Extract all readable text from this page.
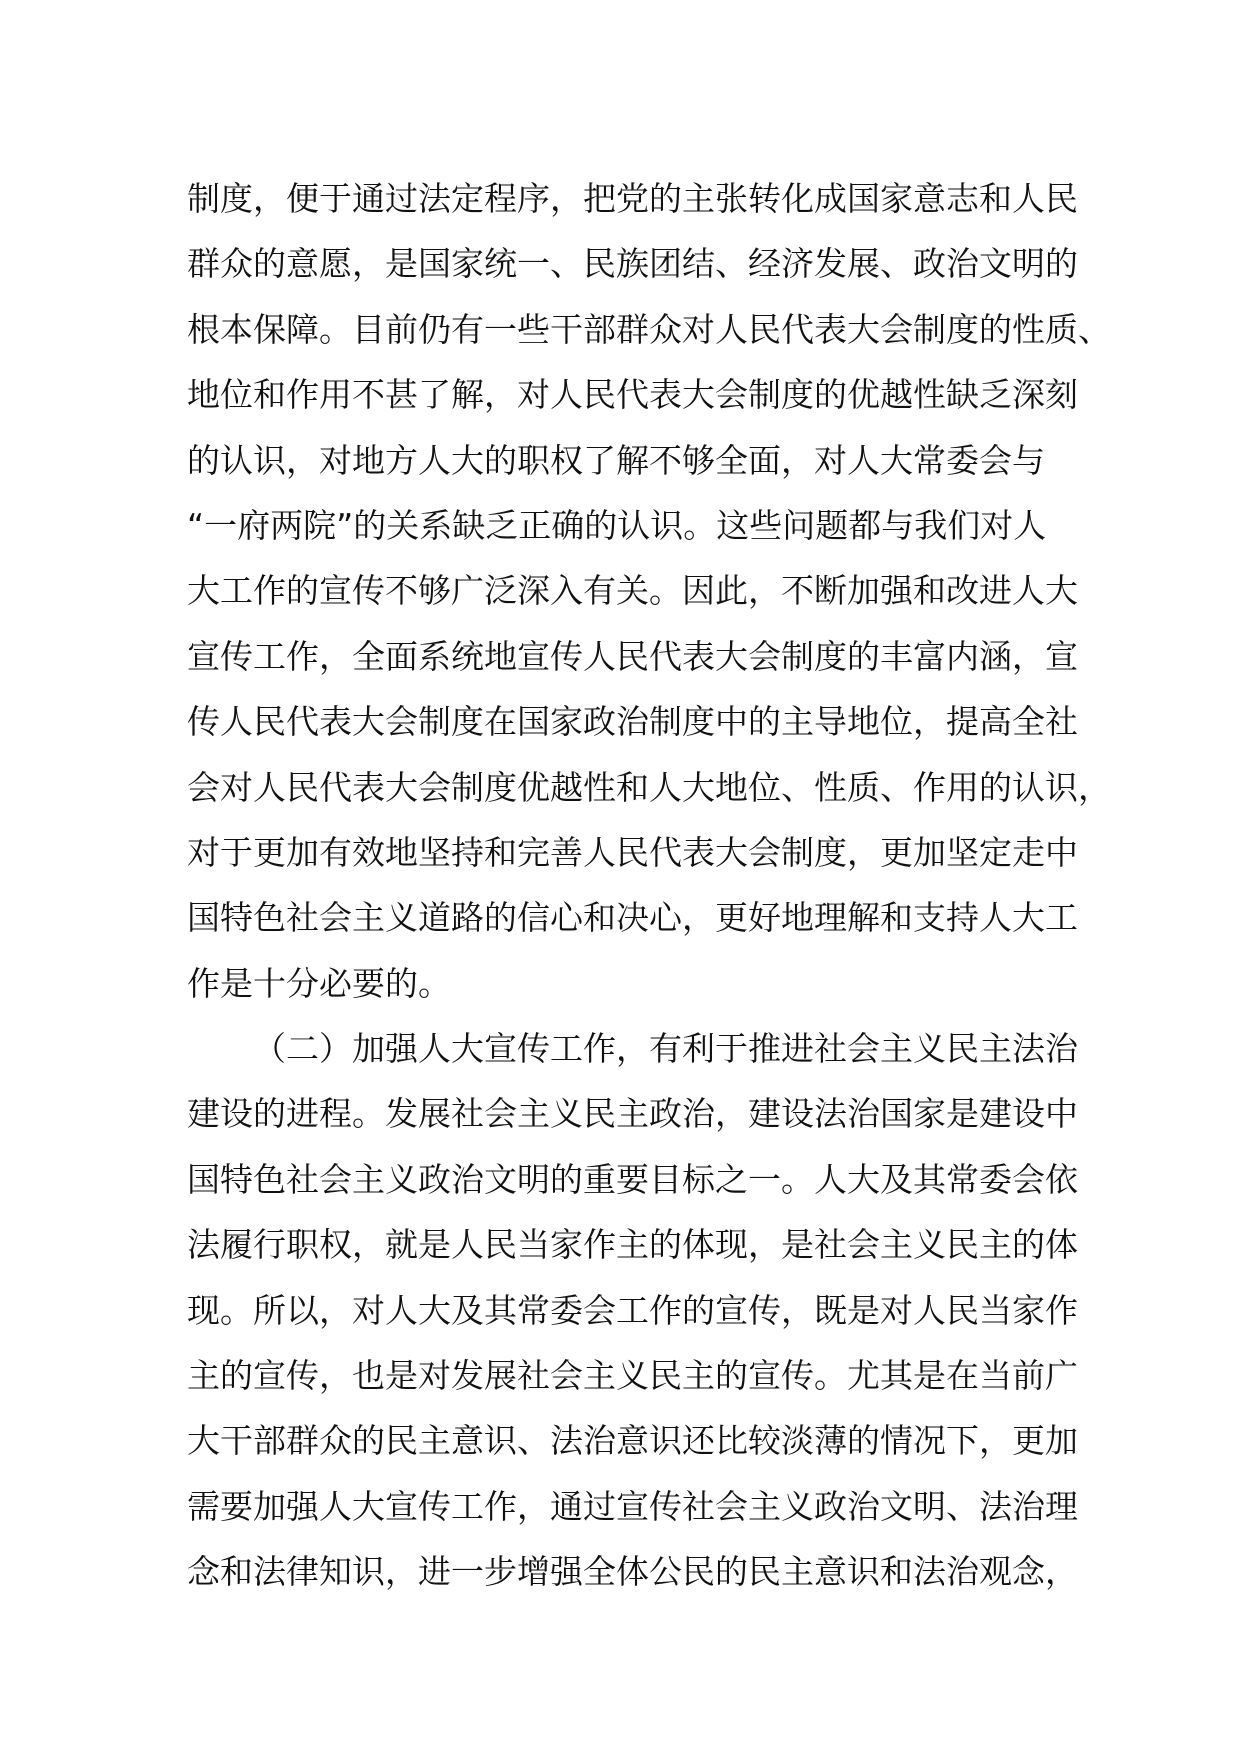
制度，便于通过法定程序，把党的主张转化成国家意志和人民
群众的意愿，是国家统一、民族团结、经济发展、政治文明的
根本保障。目前仍有一些干部群众对人民代表大会制度的性质、
地位和作用不甚了解，对人民代表大会制度的优越性缺乏深刻
的认识，对地方人大的职权了解不够全面，对人大常委会与
“一府两院”的关系缺乏正确的认识。这些问题都与我们对人
大工作的宣传不够广泛深入有关。因此，不断加强和改进人大
宣传工作，全面系统地宣传人民代表大会制度的丰富内涵，宣
传人民代表大会制度在国家政治制度中的主导地位，提高全社
会对人民代表大会制度优越性和人大地位、性质、作用的认识，
对于更加有效地坚持和完善人民代表大会制度，更加坚定走中
国特色社会主义道路的信心和决心，更好地理解和支持人大工
作是十分必要的。
（二）加强人大宣传工作，有利于推进社会主义民主法治
建设的进程。发展社会主义民主政治，建设法治国家是建设中
国特色社会主义政治文明的重要目标之一。人大及其常委会依
法履行职权，就是人民当家作主的体现，是社会主义民主的体
现。所以，对人大及其常委会工作的宣传，既是对人民当家作
主的宣传，也是对发展社会主义民主的宣传。尤其是在当前广
大干部群众的民主意识、法治意识还比较淡薄的情况下，更加
需要加强人大宣传工作，通过宣传社会主义政治文明、法治理
念和法律知识，进一步增强全体公民的民主意识和法治观念，
